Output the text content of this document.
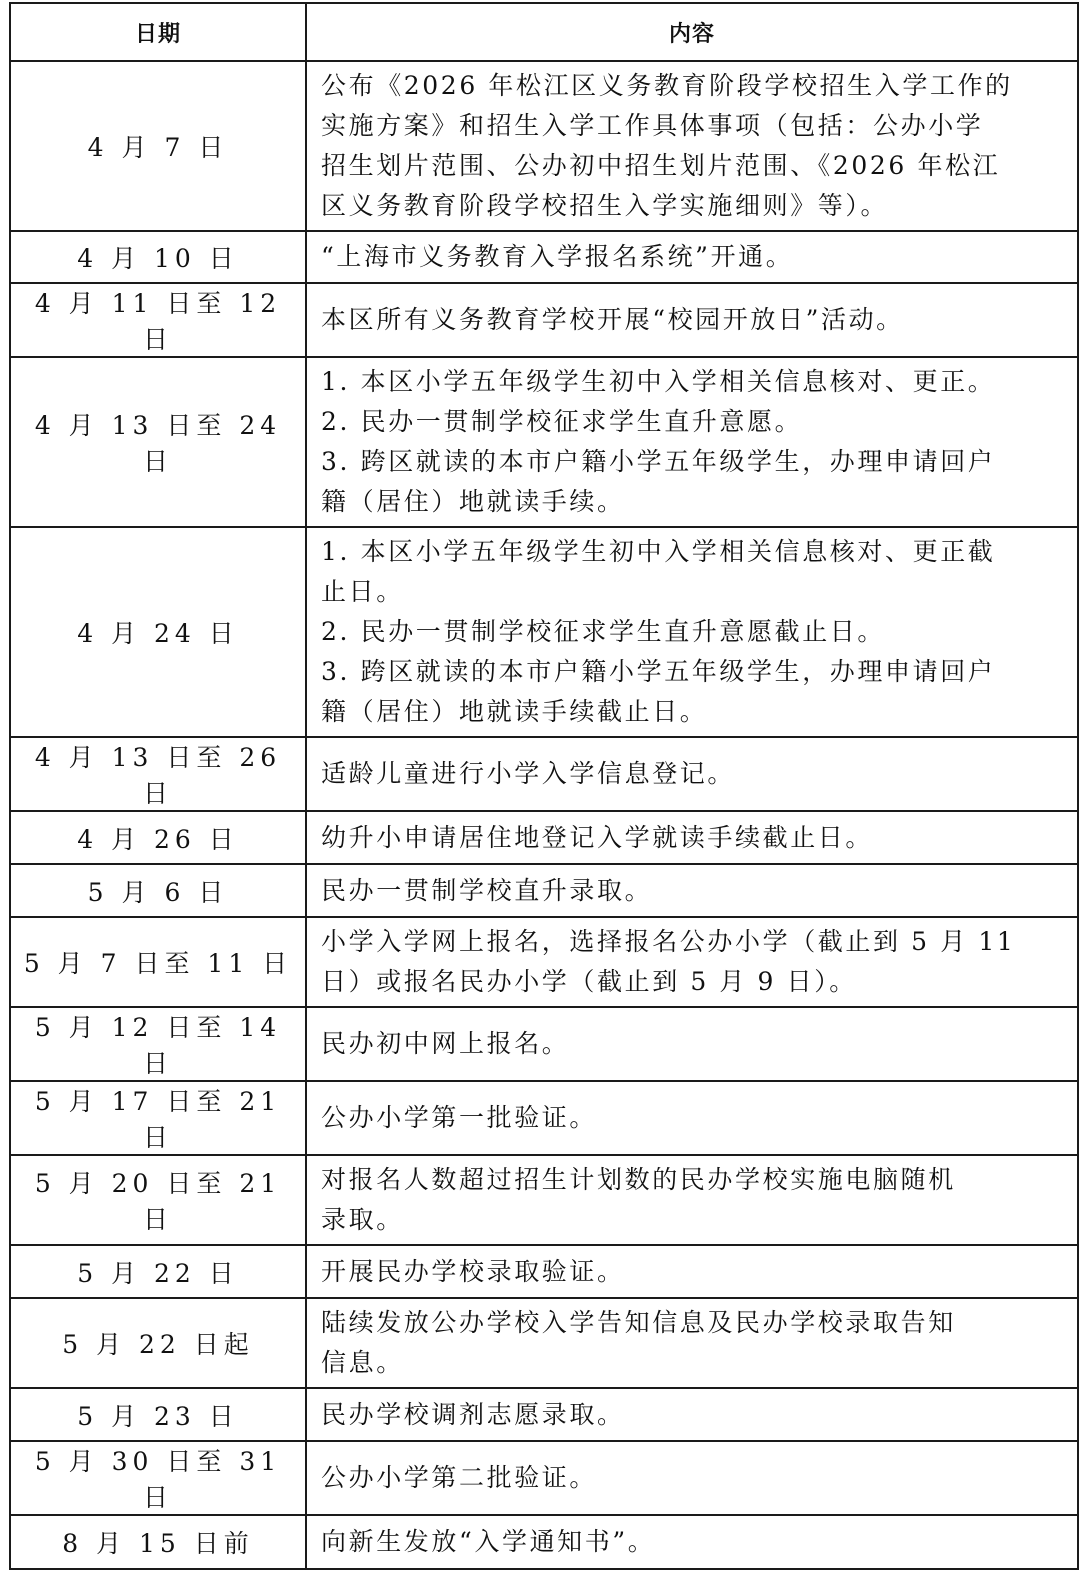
日期	内容
4 月 7 日	公布《2026 年松江区义务教育阶段学校招生入学工作的
实施方案》和招生入学工作具体事项（包括：公办小学
招生划片范围、公办初中招生划片范围、《2026 年松江
区义务教育阶段学校招生入学实施细则》等）。

4 月 10 日	“上海市义务教育入学报名系统”开通。

4 月 11 日至 12 日	本区所有义务教育学校开展“校园开放日”活动。

4 月 13 日至 24 日	1. 本区小学五年级学生初中入学相关信息核对、更正。
2. 民办一贯制学校征求学生直升意愿。
3. 跨区就读的本市户籍小学五年级学生，办理申请回户
籍（居住）地就读手续。

4 月 24 日	1. 本区小学五年级学生初中入学相关信息核对、更正截
止日。
2. 民办一贯制学校征求学生直升意愿截止日。
3. 跨区就读的本市户籍小学五年级学生，办理申请回户
籍（居住）地就读手续截止日。

4 月 13 日至 26 日	适龄儿童进行小学入学信息登记。

4 月 26 日	幼升小申请居住地登记入学就读手续截止日。

5 月 6 日	民办一贯制学校直升录取。

5 月 7 日至 11 日	小学入学网上报名，选择报名公办小学（截止到 5 月 11
日）或报名民办小学（截止到 5 月 9 日）。

5 月 12 日至 14 日	民办初中网上报名。

5 月 17 日至 21 日	公办小学第一批验证。

5 月 20 日至 21 日	对报名人数超过招生计划数的民办学校实施电脑随机
录取。

5 月 22 日	开展民办学校录取验证。

5 月 22 日起	陆续发放公办学校入学告知信息及民办学校录取告知
信息。

5 月 23 日	民办学校调剂志愿录取。

5 月 30 日至 31 日	公办小学第二批验证。

8 月 15 日前	向新生发放“入学通知书”。
